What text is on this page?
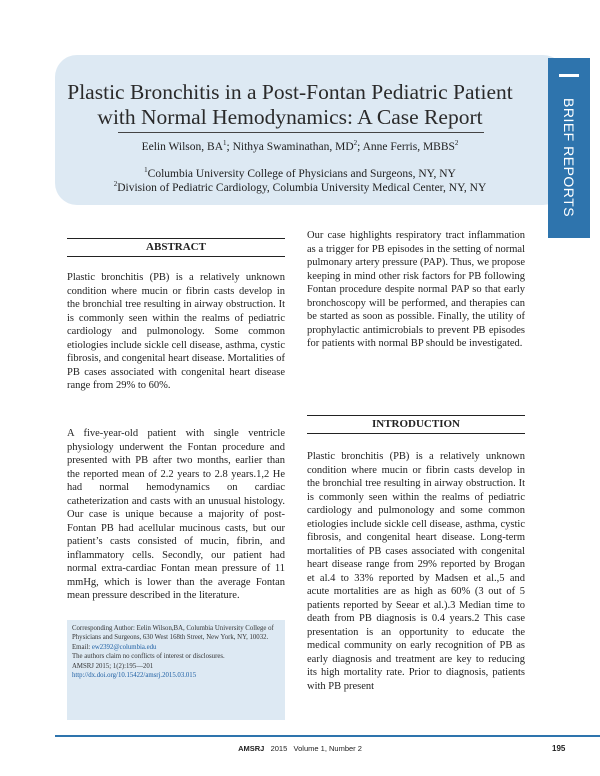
Plastic Bronchitis in a Post-Fontan Pediatric Patient
with Normal Hemodynamics: A Case Report
Eelin Wilson, $BA^1$; Nithya Swaminathan, $MD^2$; Anne Ferris, MBBS$^2$
$^1$Columbia University College of Physicians and Surgeons, NY, NY
$^2$Division of Pediatric Cardiology, Columbia University Medical Center, NY, NY	BRIEF REPORTS
ABSTRACT
Plastic bronchitis (PB) is a relatively unknown condition where mucin or fibrin casts develop in the bronchial tree resulting in airway obstruction. It is commonly seen within the realms of pediatric cardiology and pulmonology. Some common etiologies include sickle cell disease, asthma, cystic fibrosis, and congenital heart disease. Mortalities of PB cases associated with congenital heart disease range from 29% to 60%.
A five-year-old patient with single ventricle physiology underwent the Fontan procedure and presented with PB after two months, earlier than the reported mean of 2.2 years to 2.8 years.1,2 He had normal hemodynamics on cardiac catheterization and casts with an unusual histology. Our case is unique because a majority of post-Fontan PB had acellular mucinous casts, but our patient’s casts consisted of mucin, fibrin, and inflammatory cells. Secondly, our patient had normal extra-cardiac Fontan mean pressure of 11 mmHg, which is lower than the average Fontan mean pressure described in the literature.
Corresponding Author: Eelin Wilson,BA, Columbia University College of Physicians and Surgeons, 630 West 168th Street, New York, NY, 10032.
Email: ew2392@columbia.edu
The authors claim no conflicts of interest or disclosures.
AMSRJ 2015; 1(2):195—201
http://dx.doi.org/10.15422/amsrj.2015.03.015
Our case highlights respiratory tract inflammation as a trigger for PB episodes in the setting of normal pulmonary artery pressure (PAP). Thus, we propose keeping in mind other risk factors for PB following Fontan procedure despite normal PAP so that early bronchoscopy will be performed, and therapies can be started as soon as possible. Finally, the utility of prophylactic antimicrobials to prevent PB episodes for patients with normal BP should be investigated.
INTRODUCTION
Plastic bronchitis (PB) is a relatively unknown condition where mucin or fibrin casts develop in the bronchial tree resulting in airway obstruction. It is commonly seen within the realms of pediatric cardiology and pulmonology and some common etiologies include sickle cell disease, asthma, cystic fibrosis, and congenital heart disease. Long-term mortalities of PB cases associated with congenital heart disease range from 29% reported by Brogan et al.4 to 33% reported by Madsen et al.,5 and acute mortalities are as high as 60% (3 out of 5 patients reported by Seear et al.).3 Median time to death from PB diagnosis is 0.4 years.2 This case presentation is an opportunity to educate the medical community on early recognition of PB as early diagnosis and treatment are key to reducing its high mortality rate. Prior to diagnosis, patients with PB present
AMSRJ 2015 Volume 1, Number 2	195
